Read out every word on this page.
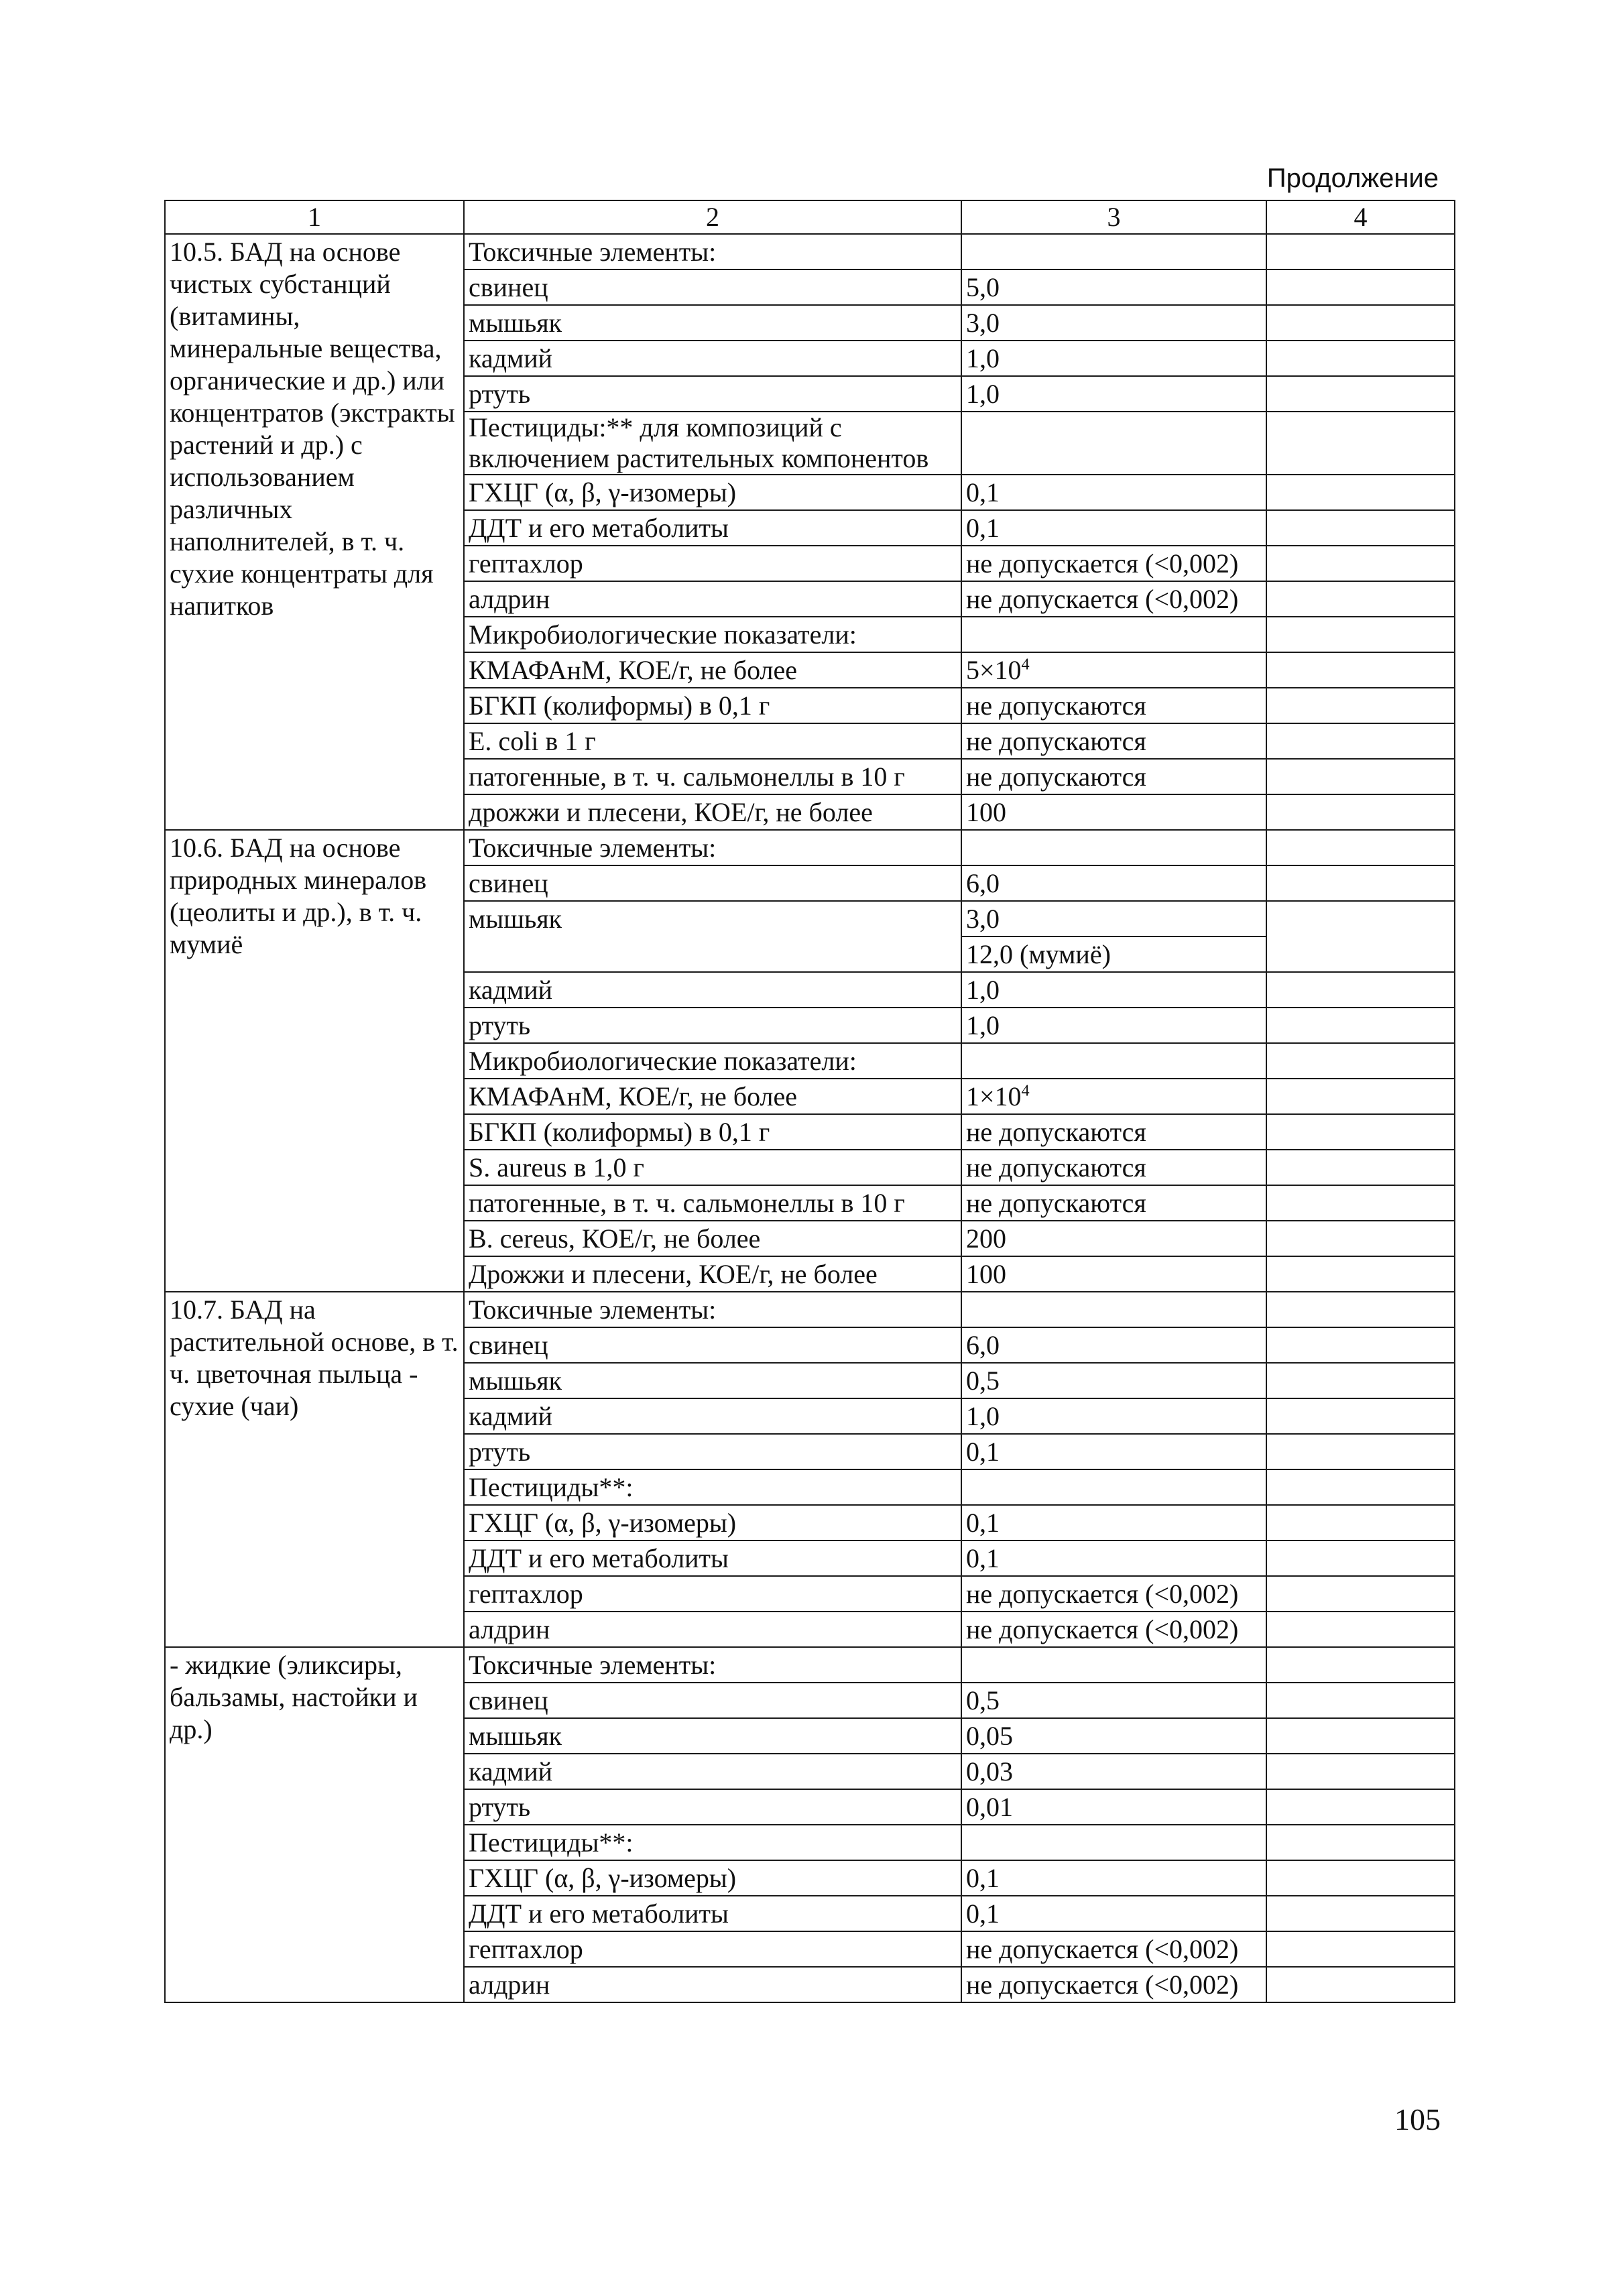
Продолжение
1	2	3	4
10.5. БАД на основе чистых субстанций (витамины, минеральные вещества, органические и др.) или концентратов (экстракты растений и др.) с использованием различных наполнителей, в т. ч. сухие концентраты для напитков	Токсичные элементы:		
	свинец	5,0	
	мышьяк	3,0	
	кадмий	1,0	
	ртуть	1,0	
	Пестициды:** для композиций с включением растительных компонентов		
	ГХЦГ (α, β, γ-изомеры)	0,1	
	ДДТ и его метаболиты	0,1	
	гептахлор	не допускается (<0,002)	
	алдрин	не допускается (<0,002)	
	Микробиологические показатели:		
	КМАФАнМ, КОЕ/г, не более	$5\times 10^4$	
	БГКП (колиформы) в 0,1 г	не допускаются	
	E. coli в 1 г	не допускаются	
	патогенные, в т. ч. сальмонеллы в 10 г	не допускаются	
	дрожжи и плесени, КОЕ/г, не более	100	
10.6. БАД на основе природных минералов (цеолиты и др.), в т. ч. мумиё	Токсичные элементы:		
	свинец	6,0	
	мышьяк	3,0	
		12,0 (мумиё)	
	кадмий	1,0	
	ртуть	1,0	
	Микробиологические показатели:		
	КМАФАнМ, КОЕ/г, не более	$1\times 10^4$	
	БГКП (колиформы) в 0,1 г	не допускаются	
	S. aureus в 1,0 г	не допускаются	
	патогенные, в т. ч. сальмонеллы в 10 г	не допускаются	
	B. cereus, КОЕ/г, не более	200	
	Дрожжи и плесени, КОЕ/г, не более	100	
10.7. БАД на растительной основе, в т. ч. цветочная пыльца - сухие (чаи)	Токсичные элементы:		
	свинец	6,0	
	мышьяк	0,5	
	кадмий	1,0	
	ртуть	0,1	
	Пестициды**:		
	ГХЦГ (α, β, γ-изомеры)	0,1	
	ДДТ и его метаболиты	0,1	
	гептахлор	не допускается (<0,002)	
	алдрин	не допускается (<0,002)	
- жидкие (эликсиры, бальзамы, настойки и др.)	Токсичные элементы:		
	свинец	0,5	
	мышьяк	0,05	
	кадмий	0,03	
	ртуть	0,01	
	Пестициды**:		
	ГХЦГ (α, β, γ-изомеры)	0,1	
	ДДТ и его метаболиты	0,1	
	гептахлор	не допускается (<0,002)	
	алдрин	не допускается (<0,002)	
105
